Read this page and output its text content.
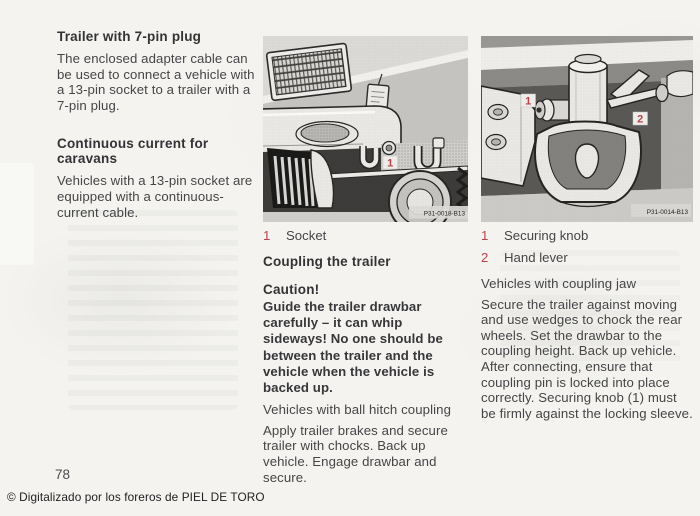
Trailer with 7-pin plug

The enclosed adapter cable can be used to connect a vehicle with a 13-pin socket to a trailer with a 7-pin plug.

Continuous current for caravans

Vehicles with a 13-pin socket are equipped with a continuous-current cable.

1
P31-0018-B13
1	Socket
Coupling the trailer
Caution!

Guide the trailer drawbar carefully – it can whip sideways! No one should be between the trailer and the vehicle when the vehicle is backed up.

Vehicles with ball hitch coupling

Apply trailer brakes and secure trailer with chocks. Back up vehicle. Engage drawbar and secure.

1
2
P31-0014-B13
1	Securing knob
2	Hand lever
Vehicles with coupling jaw

Secure the trailer against moving and use wedges to chock the rear wheels. Set the drawbar to the coupling height. Back up vehicle. After connecting, ensure that coupling pin is locked into place correctly. Securing knob (1) must be firmly against the locking sleeve.

78
© Digitalizado por los foreros de PIEL DE TORO
